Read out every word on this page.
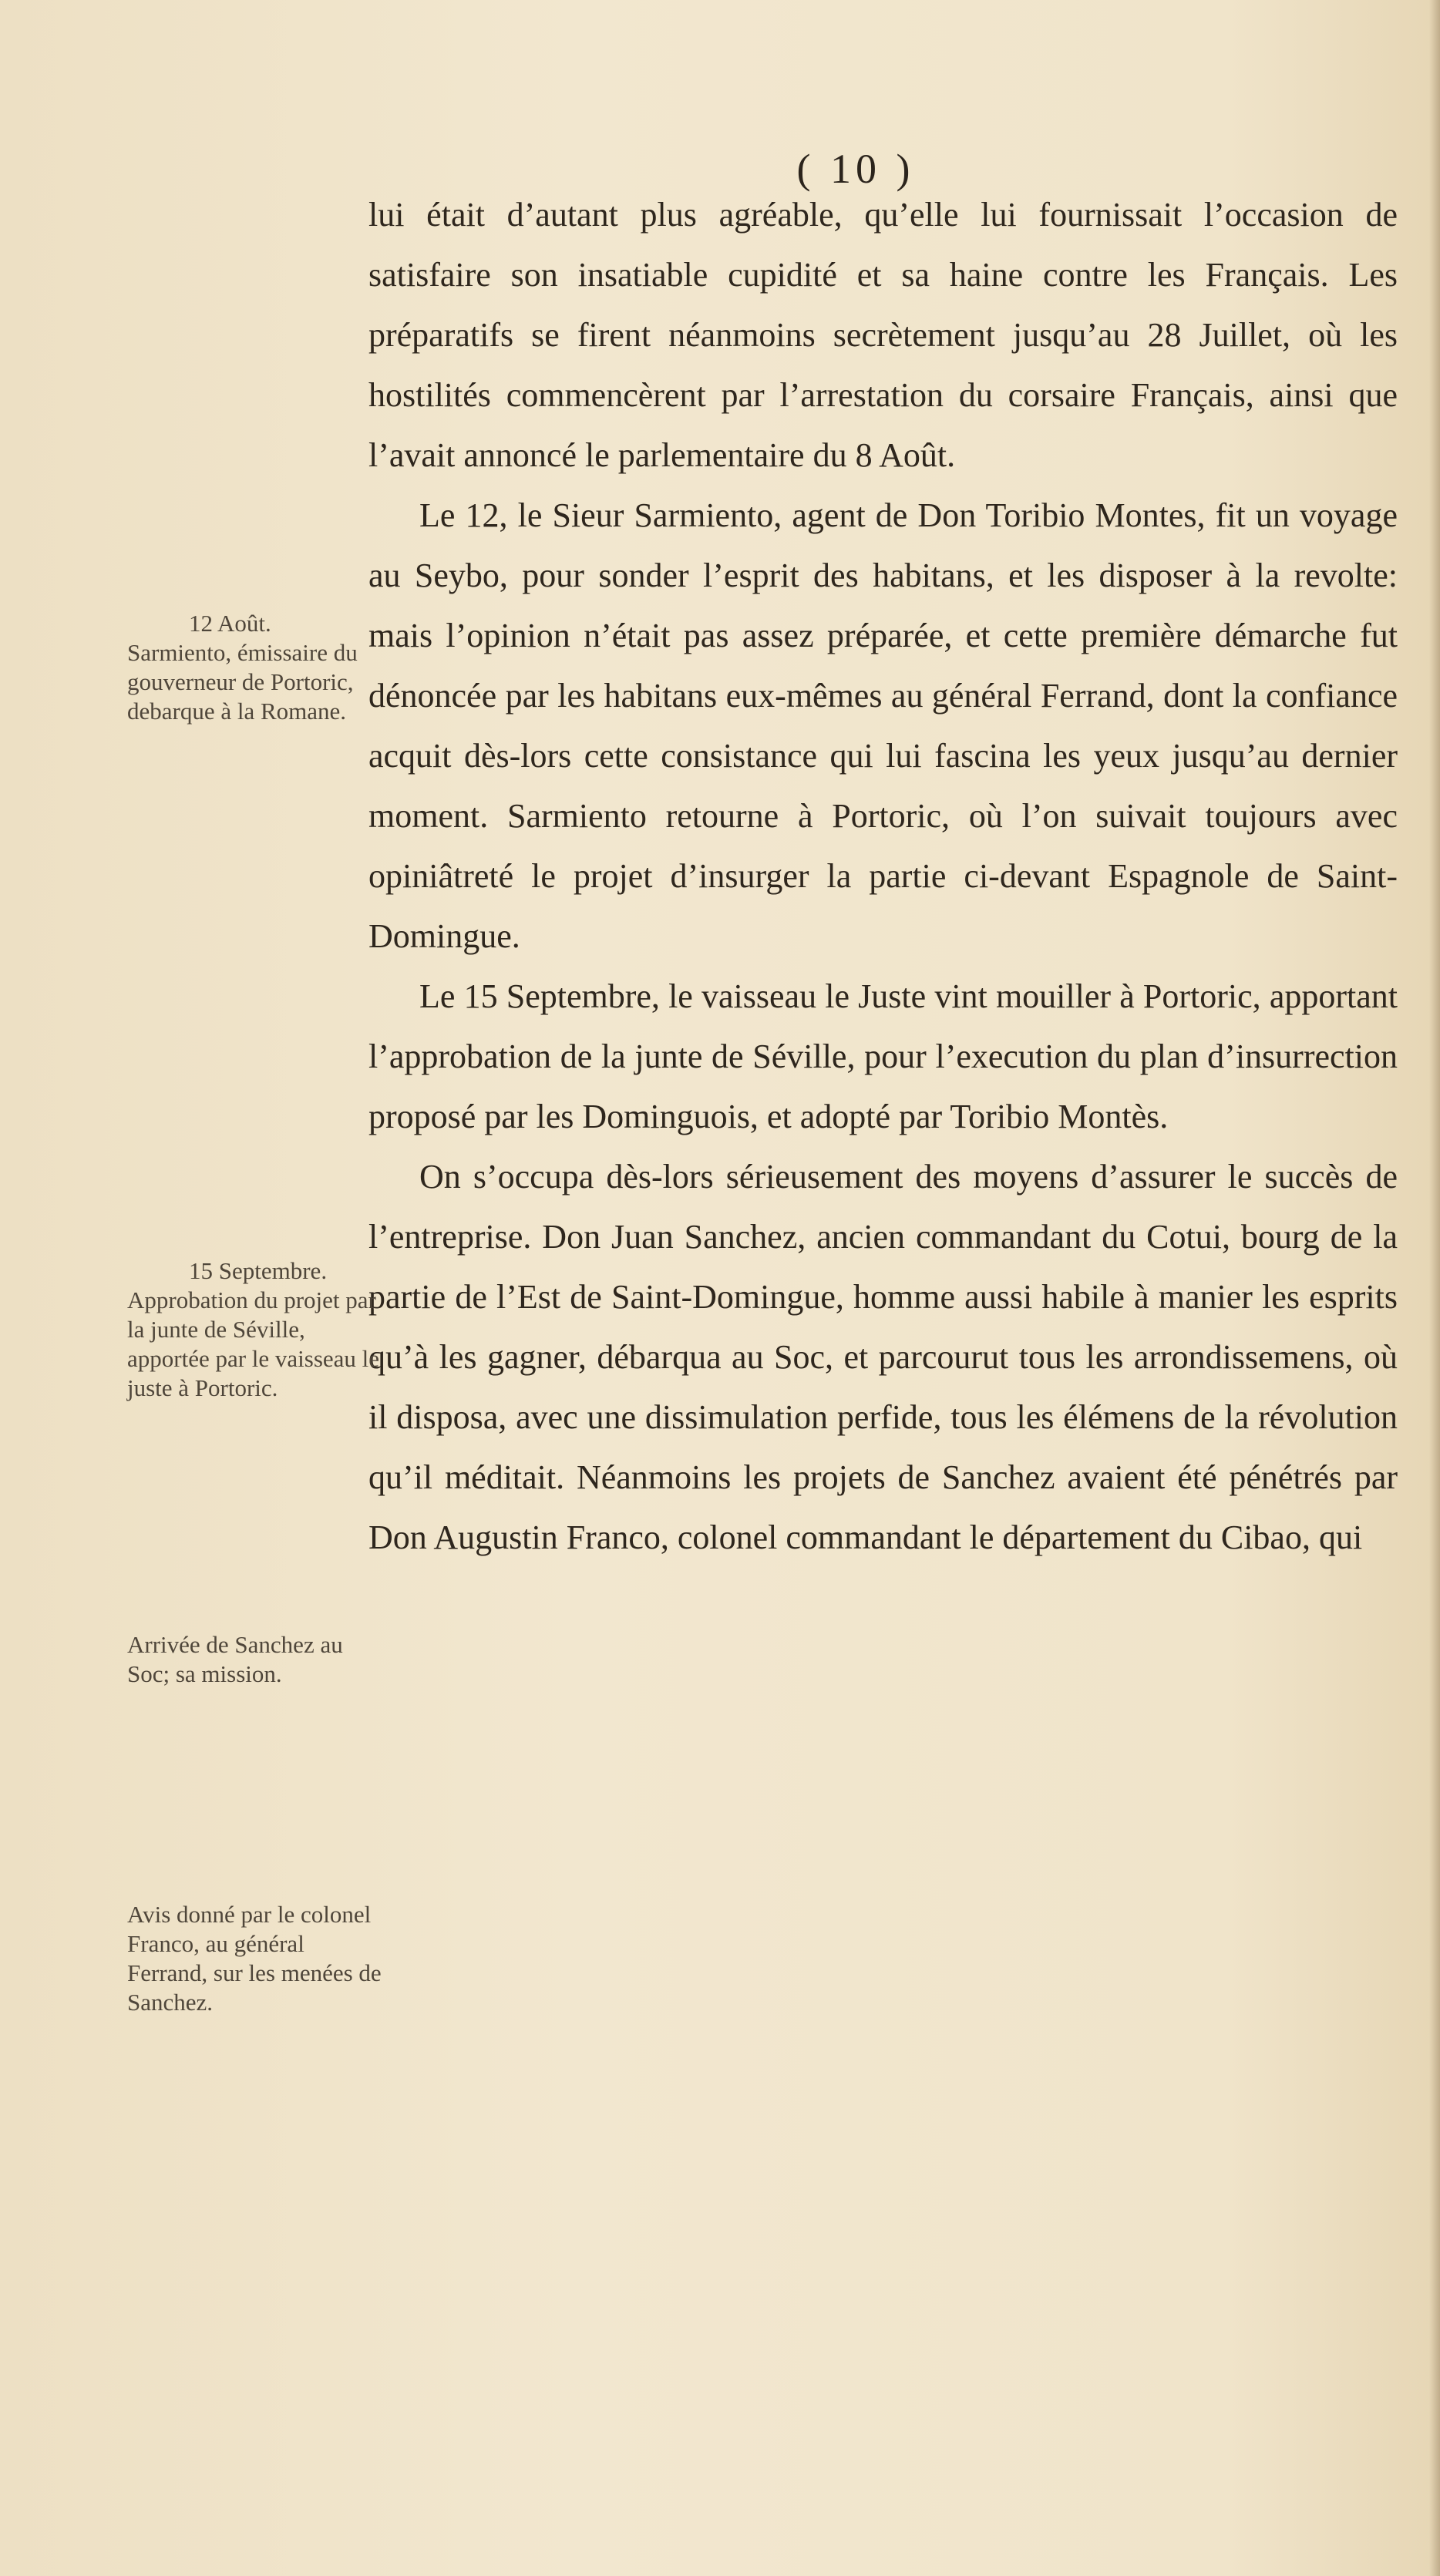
( 10 )

lui était d’autant plus agréable, qu’elle lui fournissait l’occasion de satisfaire son insatiable cupidité et sa haine contre les Français. Les préparatifs se firent néanmoins secrètement jusqu’au 28 Juillet, où les hostilités commencèrent par l’arrestation du corsaire Français, ainsi que l’avait annoncé le parlementaire du 8 Août.

Le 12, le Sieur Sarmiento, agent de Don Toribio Montes, fit un voyage au Seybo, pour sonder l’esprit des habitans, et les disposer à la revolte: mais l’opinion n’était pas assez préparée, et cette première démarche fut dénoncée par les habitans eux-mêmes au général Ferrand, dont la confiance acquit dès-lors cette consistance qui lui fascina les yeux jusqu’au dernier moment. Sarmiento retourne à Portoric, où l’on suivait toujours avec opiniâtreté le projet d’insurger la partie ci-devant Espagnole de Saint-Domingue.

Le 15 Septembre, le vaisseau le Juste vint mouiller à Portoric, apportant l’approbation de la junte de Séville, pour l’execution du plan d’insurrection proposé par les Dominguois, et adopté par Toribio Montès.

On s’occupa dès-lors sérieusement des moyens d’assurer le succès de l’entreprise. Don Juan Sanchez, ancien commandant du Cotui, bourg de la partie de l’Est de Saint-Domingue, homme aussi habile à manier les esprits qu’à les gagner, débarqua au Soc, et parcourut tous les arrondissemens, où il disposa, avec une dissimulation perfide, tous les élémens de la révolution qu’il méditait. Néanmoins les projets de Sanchez avaient été pénétrés par Don Augustin Franco, colonel commandant le département du Cibao, qui

12 Août.
Sarmiento, émissaire du gouverneur de Portoric, debarque à la Romane.
15 Septembre.
Approbation du projet par la junte de Séville, apportée par le vaisseau le juste à Portoric.
Arrivée de Sanchez au Soc; sa mission.
Avis donné par le colonel Franco, au général Ferrand, sur les menées de Sanchez.
